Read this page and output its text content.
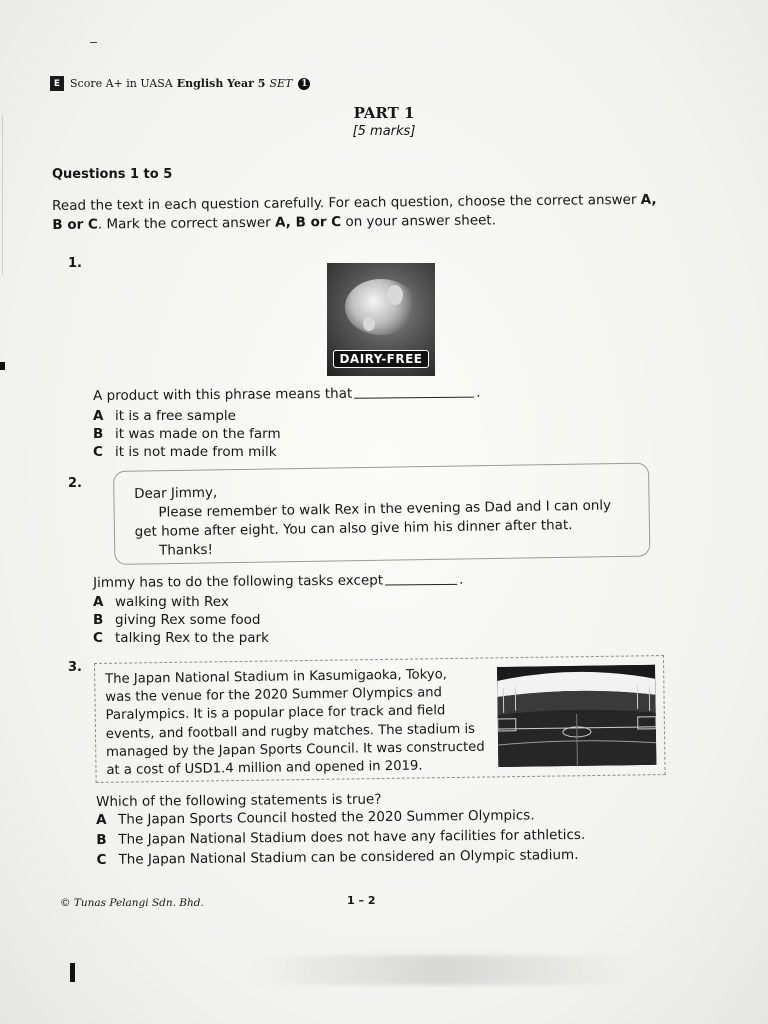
E Score A+ in UASA English Year 5 SET 1
PART 1
[5 marks]
Questions 1 to 5
Read the text in each question carefully. For each question, choose the correct answer A,
B or C. Mark the correct answer A, B or C on your answer sheet.
1.
DAIRY-FREE
A product with this phrase means that	.
A it is a free sample
B it was made on the farm
C it is not made from milk
2.
Dear Jimmy,
Please remember to walk Rex in the evening as Dad and I can only
get home after eight. You can also give him his dinner after that.
Thanks!
Jimmy has to do the following tasks except	.
A walking with Rex
B giving Rex some food
C talking Rex to the park
3. The Japan National Stadium in Kasumigaoka, Tokyo,
was the venue for the 2020 Summer Olympics and
Paralympics. It is a popular place for track and field
events, and football and rugby matches. The stadium is
managed by the Japan Sports Council. It was constructed
at a cost of USD1.4 million and opened in 2019.
Which of the following statements is true?
A The Japan Sports Council hosted the 2020 Summer Olympics.
B The Japan National Stadium does not have any facilities for athletics.
C The Japan National Stadium can be considered an Olympic stadium.
© Tunas Pelangi Sdn. Bhd.	1 – 2
